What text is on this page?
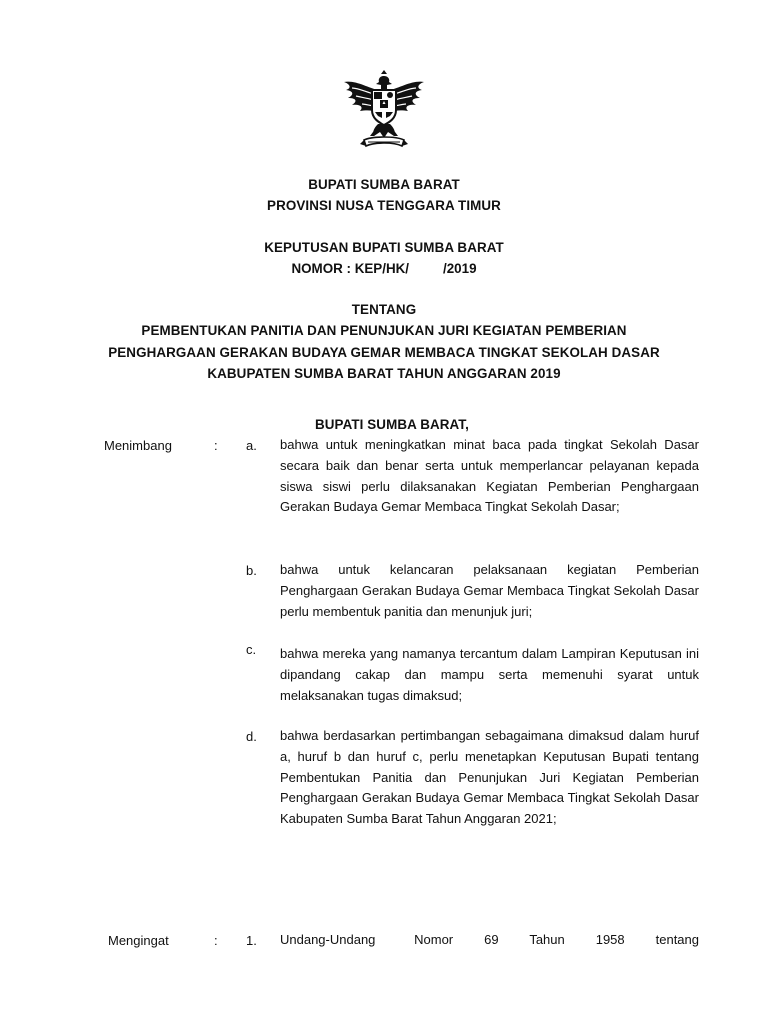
BUPATI SUMBA BARAT
PROVINSI NUSA TENGGARA TIMUR
KEPUTUSAN BUPATI SUMBA BARAT
NOMOR : KEP/HK/	/2019
TENTANG
PEMBENTUKAN PANITIA DAN PENUNJUKAN JURI KEGIATAN PEMBERIAN
PENGHARGAAN GERAKAN BUDAYA GEMAR MEMBACA TINGKAT SEKOLAH DASAR
KABUPATEN SUMBA BARAT TAHUN ANGGARAN 2019
BUPATI SUMBA BARAT,
Menimbang	: a. bahwa untuk meningkatkan minat baca pada tingkat Sekolah Dasar secara baik dan benar serta untuk memperlancar pelayanan kepada siswa siswi perlu dilaksanakan Kegiatan Pemberian Penghargaan Gerakan Budaya Gemar Membaca Tingkat Sekolah Dasar;
b. bahwa untuk kelancaran pelaksanaan kegiatan Pemberian Penghargaan Gerakan Budaya Gemar Membaca Tingkat Sekolah Dasar perlu membentuk panitia dan menunjuk juri;
c. bahwa mereka yang namanya tercantum dalam Lampiran Keputusan ini dipandang cakap dan mampu serta memenuhi syarat untuk melaksanakan tugas dimaksud;
d. bahwa berdasarkan pertimbangan sebagaimana dimaksud dalam huruf a, huruf b dan huruf c, perlu menetapkan Keputusan Bupati tentang Pembentukan Panitia dan Penunjukan Juri Kegiatan Pemberian Penghargaan Gerakan Budaya Gemar Membaca Tingkat Sekolah Dasar Kabupaten Sumba Barat Tahun Anggaran 2021;
Mengingat	: 1. Undang-Undang     Nomor    69    Tahun    1958    tentang
